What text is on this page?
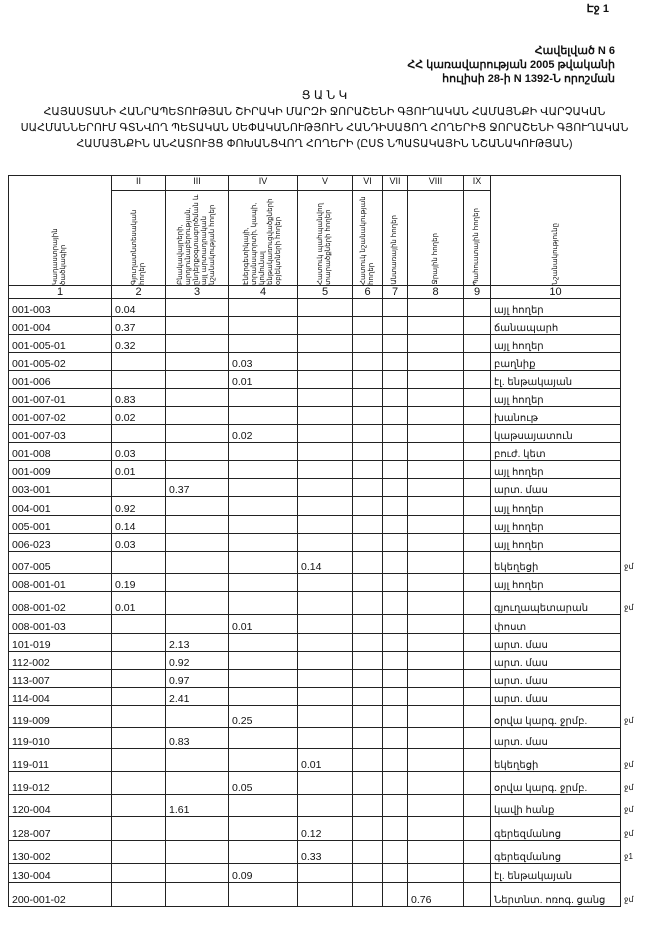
Էջ 1
Հավելված N 6
ՀՀ կառավարության 2005 թվականի
հուլիսի 28-ի N 1392-Ն որոշման
Ց Ա Ն Կ
ՀԱՅԱՍՏԱՆԻ ՀԱՆՐԱՊԵՏՈՒԹՅԱՆ ՇԻՐԱԿԻ ՄԱՐԶԻ ՋՈՐԱՇԵՆԻ ԳՅՈՒՂԱԿԱՆ ՀԱՄԱՅՆՔԻ ՎԱՐՉԱԿԱՆ ՍԱՀՄԱՆՆԵՐՈՒՄ ԳՏՆՎՈՂ ՊԵՏԱԿԱՆ ՍԵՓԱԿԱՆՈՒԹՅՈՒՆ ՀԱՆԴԻՍԱՑՈՂ ՀՈՂԵՐԻՑ ՋՈՐԱՇԵՆԻ ԳՅՈՒՂԱԿԱՆ ՀԱՄԱՅՆՔԻՆ ԱՆՀԱՏՈՒՅՑ ՓՈԽԱՆՑՎՈՂ ՀՈՂԵՐԻ (ԸՍՏ ՆՊԱՏԱԿԱՅԻՆ ՆՇԱՆԱԿՈՒԹՅԱՆ)
Կադաստրային ծածկագիր	II	III	IV	V	VI	VII	VIII	IX	Նշանակությունը

	Գյուղատնտեսական հողեր	Բնակավայրերի, արդյունաբերության, ընդերքօգտագործման և այլ արտադրական նշանակության հողեր	Էներգետիկայի, տրանսպորտի, կապի, կոմունալ ենթակառուցվածքների օբյեկտների հողեր	Հատուկ պահպանվող տարածքների հողեր	Հատուկ նշանակության հողեր	Անտառային հողեր	Ջրային հողեր	Պահուստային հողեր	

1	2	3	4	5	6	7	8	9	10
001-003	0.04								այլ հողեր
001-004	0.37								ճանապարհ
001-005-01	0.32								այլ հողեր
001-005-02			0.03						բաղնիք
001-006			0.01						էլ. ենթակայան
001-007-01	0.83								այլ հողեր
001-007-02	0.02								խանութ
001-007-03			0.02						կաթսայատուն
001-008	0.03								բուժ. կետ
001-009	0.01								այլ հողեր
003-001		0.37							արտ. մաս
004-001	0.92								այլ հողեր
005-001	0.14								այլ հողեր
006-023	0.03								այլ հողեր
007-005				0.14					եկեղեցի
008-001-01	0.19								այլ հողեր
008-001-02	0.01								գյուղապետարան
008-001-03			0.01						փոստ
101-019		2.13							արտ. մաս
112-002		0.92							արտ. մաս
113-007		0.97							արտ. մաս
114-004		2.41							արտ. մաս
119-009			0.25						օրվա կարգ. ջրմբ.
119-010		0.83							արտ. մաս
119-011				0.01					եկեղեցի
119-012			0.05						օրվա կարգ. ջրմբ.
120-004		1.61							կավի հանք
128-007				0.12					գերեզմանոց
130-002				0.33					գերեզմանոց
130-004			0.09						էլ. ենթակայան
200-001-02							0.76		Ներտնտ. ոռոգ. ցանց
ջմ
ջմ
ջմ
ջմ
ջմ
ջմ
ջմ
ջ1
ջմ
